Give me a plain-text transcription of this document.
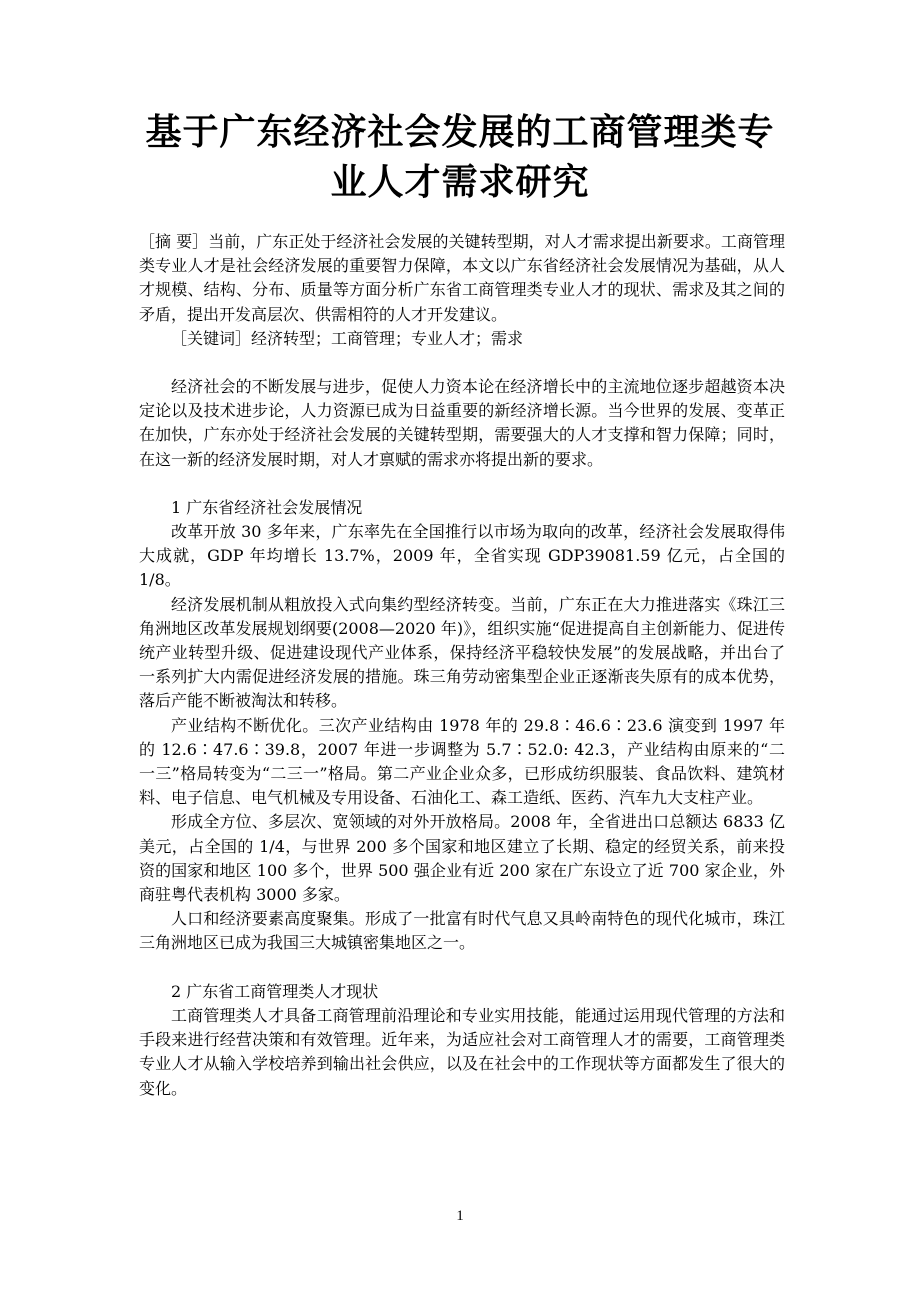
基于广东经济社会发展的工商管理类专
业人才需求研究

［摘 要］当前，广东正处于经济社会发展的关键转型期，对人才需求提出新要求。工商管理类专业人才是社会经济发展的重要智力保障，本文以广东省经济社会发展情况为基础，从人才规模、结构、分布、质量等方面分析广东省工商管理类专业人才的现状、需求及其之间的矛盾，提出开发高层次、供需相符的人才开发建议。

［关键词］经济转型；工商管理；专业人才；需求

经济社会的不断发展与进步，促使人力资本论在经济增长中的主流地位逐步超越资本决定论以及技术进步论，人力资源已成为日益重要的新经济增长源。当今世界的发展、变革正在加快，广东亦处于经济社会发展的关键转型期，需要强大的人才支撑和智力保障；同时，在这一新的经济发展时期，对人才禀赋的需求亦将提出新的要求。

1 广东省经济社会发展情况

改革开放 30 多年来，广东率先在全国推行以市场为取向的改革，经济社会发展取得伟大成就，GDP 年均增长 13.7%，2009 年，全省实现 GDP39081.59 亿元，占全国的 1/8。

经济发展机制从粗放投入式向集约型经济转变。当前，广东正在大力推进落实《珠江三角洲地区改革发展规划纲要(2008—2020 年)》，组织实施“促进提高自主创新能力、促进传统产业转型升级、促进建设现代产业体系，保持经济平稳较快发展”的发展战略，并出台了一系列扩大内需促进经济发展的措施。珠三角劳动密集型企业正逐渐丧失原有的成本优势，落后产能不断被淘汰和转移。

产业结构不断优化。三次产业结构由 1978 年的 29.8∶46.6∶23.6 演变到 1997 年的 12.6∶47.6∶39.8，2007 年进一步调整为 5.7∶52.0: 42.3，产业结构由原来的“二一三”格局转变为“二三一”格局。第二产业企业众多，已形成纺织服装、食品饮料、建筑材料、电子信息、电气机械及专用设备、石油化工、森工造纸、医药、汽车九大支柱产业。

形成全方位、多层次、宽领域的对外开放格局。2008 年，全省进出口总额达 6833 亿美元，占全国的 1/4，与世界 200 多个国家和地区建立了长期、稳定的经贸关系，前来投资的国家和地区 100 多个，世界 500 强企业有近 200 家在广东设立了近 700 家企业，外商驻粤代表机构 3000 多家。

人口和经济要素高度聚集。形成了一批富有时代气息又具岭南特色的现代化城市，珠江三角洲地区已成为我国三大城镇密集地区之一。

2 广东省工商管理类人才现状

工商管理类人才具备工商管理前沿理论和专业实用技能，能通过运用现代管理的方法和手段来进行经营决策和有效管理。近年来，为适应社会对工商管理人才的需要，工商管理类专业人才从输入学校培养到输出社会供应，以及在社会中的工作现状等方面都发生了很大的变化。

1
